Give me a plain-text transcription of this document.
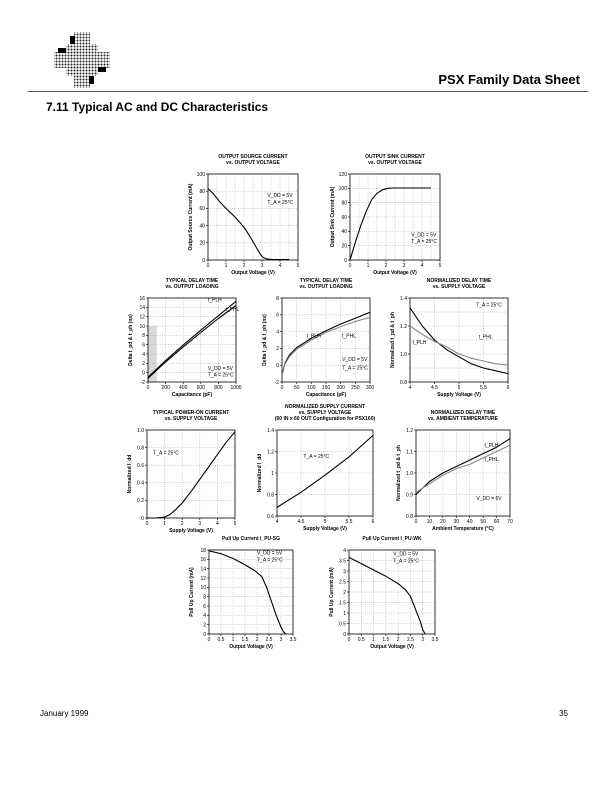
PSX Family Data Sheet
7.11 Typical AC and DC Characteristics
OUTPUT SOURCE CURRENT
vs. OUTPUT VOLTAGE
0	1	2	3	4	5
0
20
40
60
80
100
Output Voltage (V)
Output Source Current (mA)	V_DD = 5V
T_A = 25°C
OUTPUT SINK CURRENT
vs. OUTPUT VOLTAGE
0	1	2	3	4	5
0
20
40
60
80
100
120
Output Voltage (V)
Output Sink Current (mA)	V_DD = 5V
T_A = 25°C
TYPICAL DELAY TIME
vs. OUTPUT LOADING
0 200 400 600 800 1000
-2
0
2
4
6
8
10
12
14
16
Capacitance (pF)
Delta t_pd & t_ph (ns)
t_PLH
t_PHL
V_DD = 5V
T_A = 25°C
TYPICAL DELAY TIME
vs. OUTPUT LOADING
0 50 100 150 200 250 300
-2
0
2
4
6
8
Capacitance (pF)
Delta t_pd & t_ph (ns)	t_PLH	t_PHL
V_DD = 5V
T_A = 25°C
NORMALIZED DELAY TIME
vs. SUPPLY VOLTAGE
4	4.5	5	5.5	6
0.8
1.0
1.2
1.4
Supply Voltage (V)
Normalized t_pd & t_ph
T_A = 25°C
t_PHL
t_PLH
TYPICAL POWER-ON CURRENT
vs. SUPPLY VOLTAGE
0	1	2	3	4	5
0
0.2
0.4
0.6
0.8
1.0
Supply Voltage (V)
Normalized I_dd
T_A = 25°C
NORMALIZED SUPPLY CURRENT
vs. SUPPLY VOLTAGE
(60 IN x 60 OUT Configuration for PSX160)
4	4.5	5	5.5	6
0.6
0.8
1
1.2
1.4
Supply Voltage (V)
Normalized I_dd	T_A = 25°C
NORMALIZED DELAY TIME
vs. AMBIENT TEMPERATURE
0 10 20 30 40 50 60 70
0.8
0.9
1.0
1.1
1.2
Ambient Temperature (°C)
Normalized t_pd & t_ph	t_PLH
t_PHL
V_DD = 5V
Pull Up Current I_PU-SG
0 0.5 1 1.5 2 2.5 3 3.5
0
2
4
6
8
10
12
14
16
18
Output Voltage (V)
Pull Up Current (mA)
V_DD = 5V
T_A = 25°C
Pull Up Current I_PU-WK
0 0.5 1 1.5 2 2.5 3 3.5
0
0.5
1
1.5
2
2.5
3
3.5
4
Output Voltage (V)
Pull Up Current (mA)
V_DD = 5V
T_A = 25°C
January 1999	35
